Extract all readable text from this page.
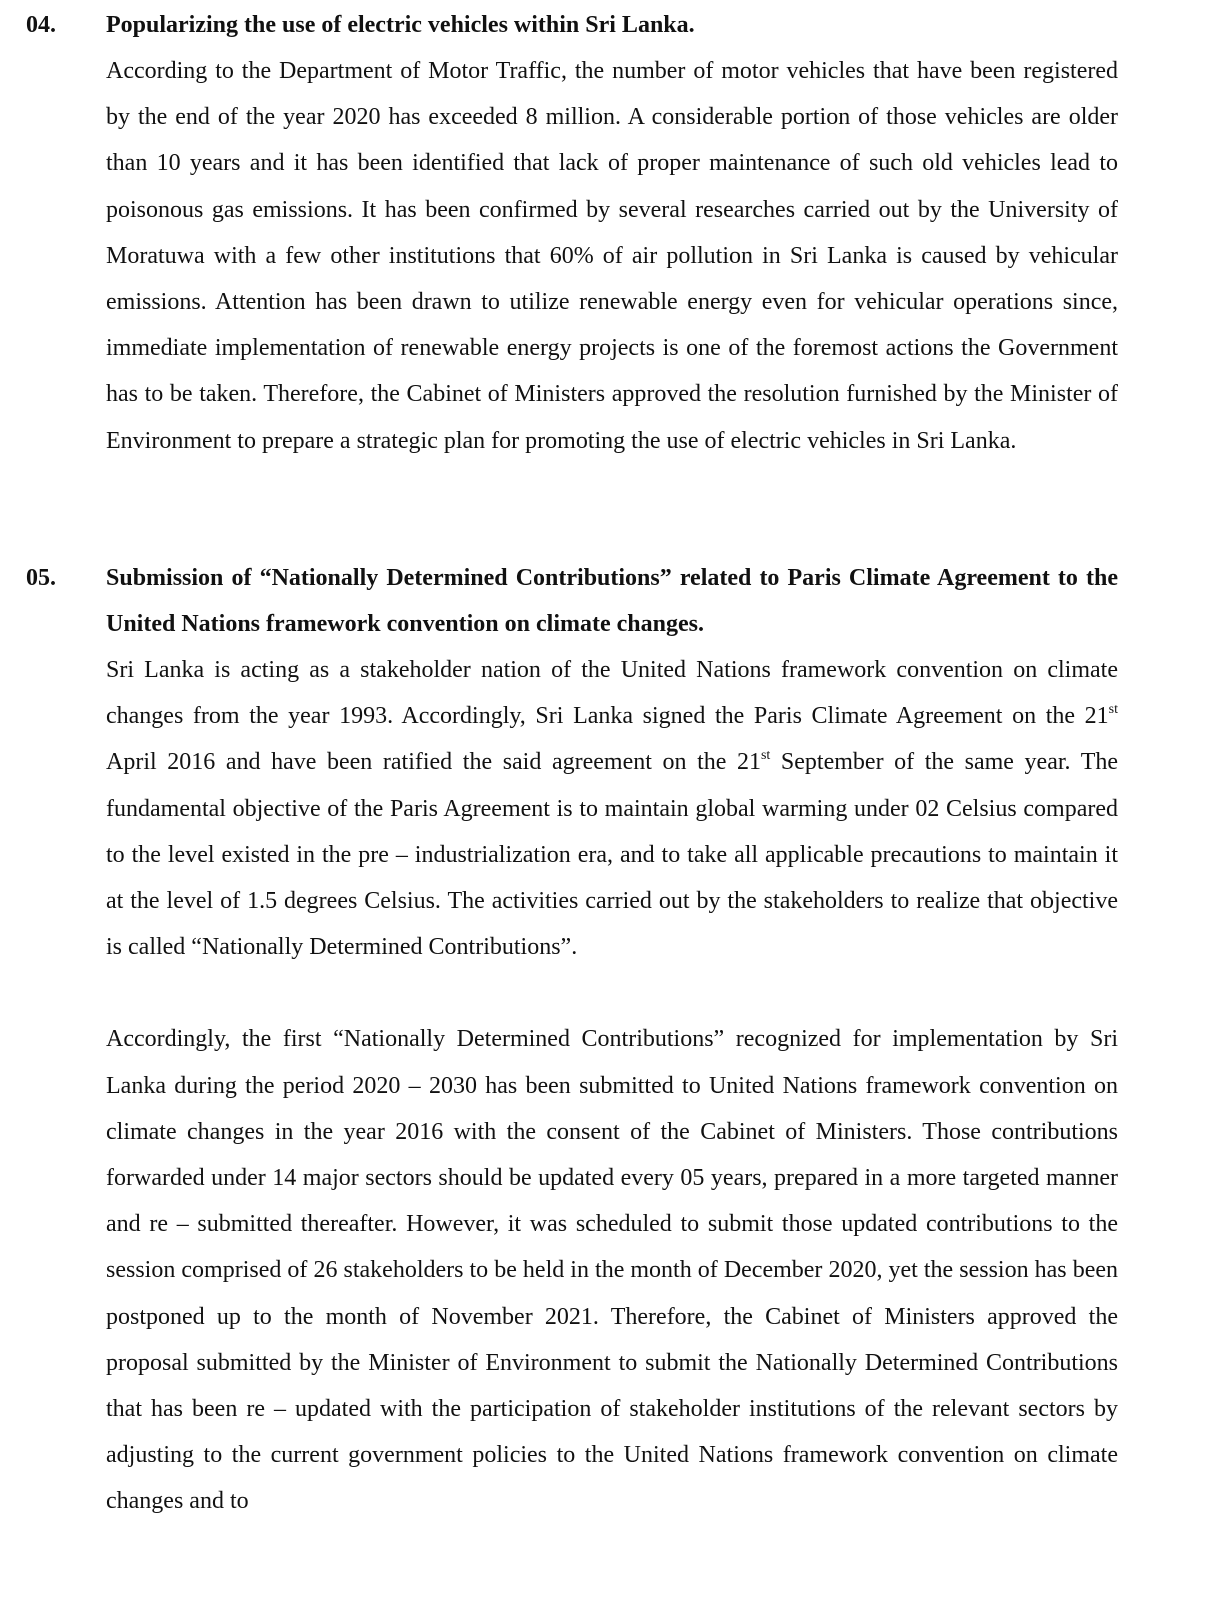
04. Popularizing the use of electric vehicles within Sri Lanka.

According to the Department of Motor Traffic, the number of motor vehicles that have been registered by the end of the year 2020 has exceeded 8 million. A considerable portion of those vehicles are older than 10 years and it has been identified that lack of proper maintenance of such old vehicles lead to poisonous gas emissions. It has been confirmed by several researches carried out by the University of Moratuwa with a few other institutions that 60% of air pollution in Sri Lanka is caused by vehicular emissions. Attention has been drawn to utilize renewable energy even for vehicular operations since, immediate implementation of renewable energy projects is one of the foremost actions the Government has to be taken. Therefore, the Cabinet of Ministers approved the resolution furnished by the Minister of Environment to prepare a strategic plan for promoting the use of electric vehicles in Sri Lanka.

05. Submission of “Nationally Determined Contributions” related to Paris Climate Agreement to the United Nations framework convention on climate changes.

Sri Lanka is acting as a stakeholder nation of the United Nations framework convention on climate changes from the year 1993. Accordingly, Sri Lanka signed the Paris Climate Agreement on the 21st April 2016 and have been ratified the said agreement on the 21st September of the same year. The fundamental objective of the Paris Agreement is to maintain global warming under 02 Celsius compared to the level existed in the pre – industrialization era, and to take all applicable precautions to maintain it at the level of 1.5 degrees Celsius. The activities carried out by the stakeholders to realize that objective is called “Nationally Determined Contributions”.

Accordingly, the first “Nationally Determined Contributions” recognized for implementation by Sri Lanka during the period 2020 – 2030 has been submitted to United Nations framework convention on climate changes in the year 2016 with the consent of the Cabinet of Ministers. Those contributions forwarded under 14 major sectors should be updated every 05 years, prepared in a more targeted manner and re – submitted thereafter. However, it was scheduled to submit those updated contributions to the session comprised of 26 stakeholders to be held in the month of December 2020, yet the session has been postponed up to the month of November 2021. Therefore, the Cabinet of Ministers approved the proposal submitted by the Minister of Environment to submit the Nationally Determined Contributions that has been re – updated with the participation of stakeholder institutions of the relevant sectors by adjusting to the current government policies to the United Nations framework convention on climate changes and to
